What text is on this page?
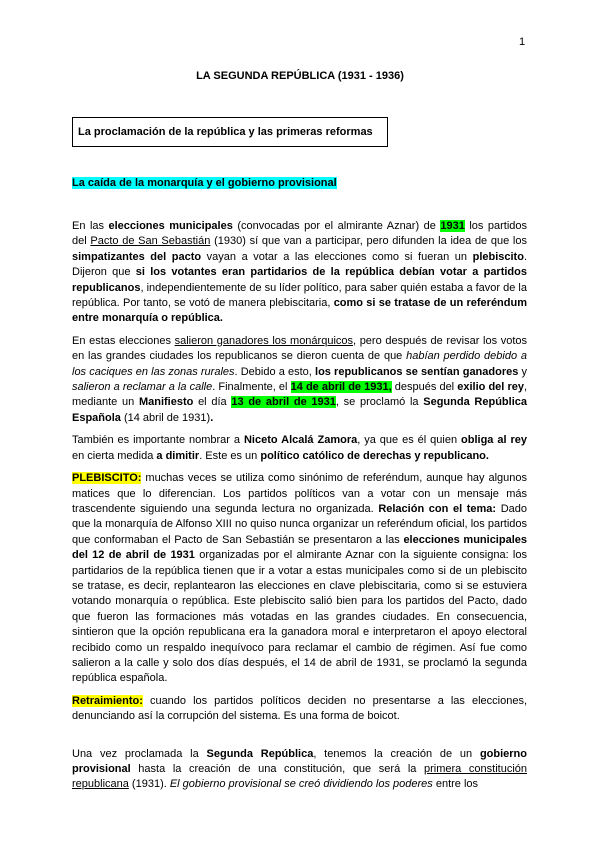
1
LA SEGUNDA REPÚBLICA (1931 - 1936)
La proclamación de la república y las primeras reformas
La caída de la monarquía y el gobierno provisional

En las elecciones municipales (convocadas por el almirante Aznar) de 1931 los partidos del Pacto de San Sebastián (1930) sí que van a participar, pero difunden la idea de que los simpatizantes del pacto vayan a votar a las elecciones como si fueran un plebiscito. Dijeron que si los votantes eran partidarios de la república debían votar a partidos republicanos, independientemente de su líder político, para saber quién estaba a favor de la república. Por tanto, se votó de manera plebiscitaria, como si se tratase de un referéndum entre monarquía o república.

En estas elecciones salieron ganadores los monárquicos, pero después de revisar los votos en las grandes ciudades los republicanos se dieron cuenta de que habían perdido debido a los caciques en las zonas rurales. Debido a esto, los republicanos se sentían ganadores y salieron a reclamar a la calle. Finalmente, el 14 de abril de 1931, después del exilio del rey, mediante un Manifiesto el día 13 de abril de 1931, se proclamó la Segunda República Española (14 abril de 1931).

También es importante nombrar a Niceto Alcalá Zamora, ya que es él quien obliga al rey en cierta medida a dimitir. Este es un político católico de derechas y republicano.

PLEBISCITO: muchas veces se utiliza como sinónimo de referéndum, aunque hay algunos matices que lo diferencian. Los partidos políticos van a votar con un mensaje más trascendente siguiendo una segunda lectura no organizada. Relación con el tema: Dado que la monarquía de Alfonso XIII no quiso nunca organizar un referéndum oficial, los partidos que conformaban el Pacto de San Sebastián se presentaron a las elecciones municipales del 12 de abril de 1931 organizadas por el almirante Aznar con la siguiente consigna: los partidarios de la república tienen que ir a votar a estas municipales como si de un plebiscito se tratase, es decir, replantearon las elecciones en clave plebiscitaria, como si se estuviera votando monarquía o república. Este plebiscito salió bien para los partidos del Pacto, dado que fueron las formaciones más votadas en las grandes ciudades. En consecuencia, sintieron que la opción republicana era la ganadora moral e interpretaron el apoyo electoral recibido como un respaldo inequívoco para reclamar el cambio de régimen. Así fue como salieron a la calle y solo dos días después, el 14 de abril de 1931, se proclamó la segunda república española.

Retraimiento: cuando los partidos políticos deciden no presentarse a las elecciones, denunciando así la corrupción del sistema. Es una forma de boicot.

Una vez proclamada la Segunda República, tenemos la creación de un gobierno provisional hasta la creación de una constitución, que será la primera constitución republicana (1931). El gobierno provisional se creó dividiendo los poderes entre los
